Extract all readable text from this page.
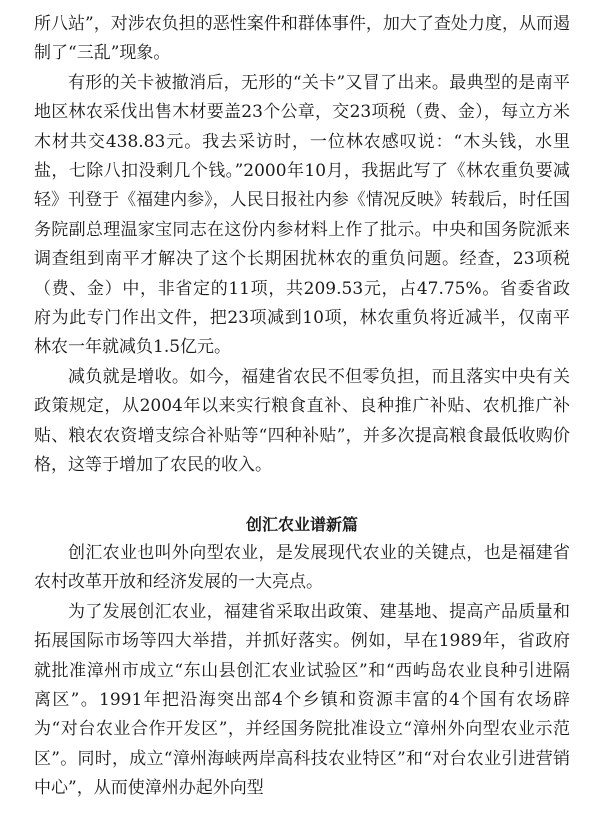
所八站”，对涉农负担的恶性案件和群体事件，加大了查处力度，从而遏制了“三乱”现象。

有形的关卡被撤消后，无形的“关卡”又冒了出来。最典型的是南平地区林农采伐出售木材要盖23个公章，交23项税（费、金），每立方米木材共交438.83元。我去采访时，一位林农感叹说：“木头钱，水里盐，七除八扣没剩几个钱。”2000年10月，我据此写了《林农重负要减轻》刊登于《福建内参》，人民日报社内参《情况反映》转载后，时任国务院副总理温家宝同志在这份内参材料上作了批示。中央和国务院派来调查组到南平才解决了这个长期困扰林农的重负问题。经查，23项税（费、金）中，非省定的11项，共209.53元，占47.75%。省委省政府为此专门作出文件，把23项减到10项，林农重负将近减半，仅南平林农一年就减负1.5亿元。

减负就是增收。如今，福建省农民不但零负担，而且落实中央有关政策规定，从2004年以来实行粮食直补、良种推广补贴、农机推广补贴、粮农农资增支综合补贴等“四种补贴”，并多次提高粮食最低收购价格，这等于增加了农民的收入。

创汇农业谱新篇

创汇农业也叫外向型农业，是发展现代农业的关键点，也是福建省农村改革开放和经济发展的一大亮点。

为了发展创汇农业，福建省采取出政策、建基地、提高产品质量和拓展国际市场等四大举措，并抓好落实。例如，早在1989年，省政府就批准漳州市成立“东山县创汇农业试验区”和“西屿岛农业良种引进隔离区”。1991年把沿海突出部4个乡镇和资源丰富的4个国有农场辟为“对台农业合作开发区”，并经国务院批准设立“漳州外向型农业示范区”。同时，成立“漳州海峡两岸高科技农业特区”和“对台农业引进营销中心”，从而使漳州办起外向型
